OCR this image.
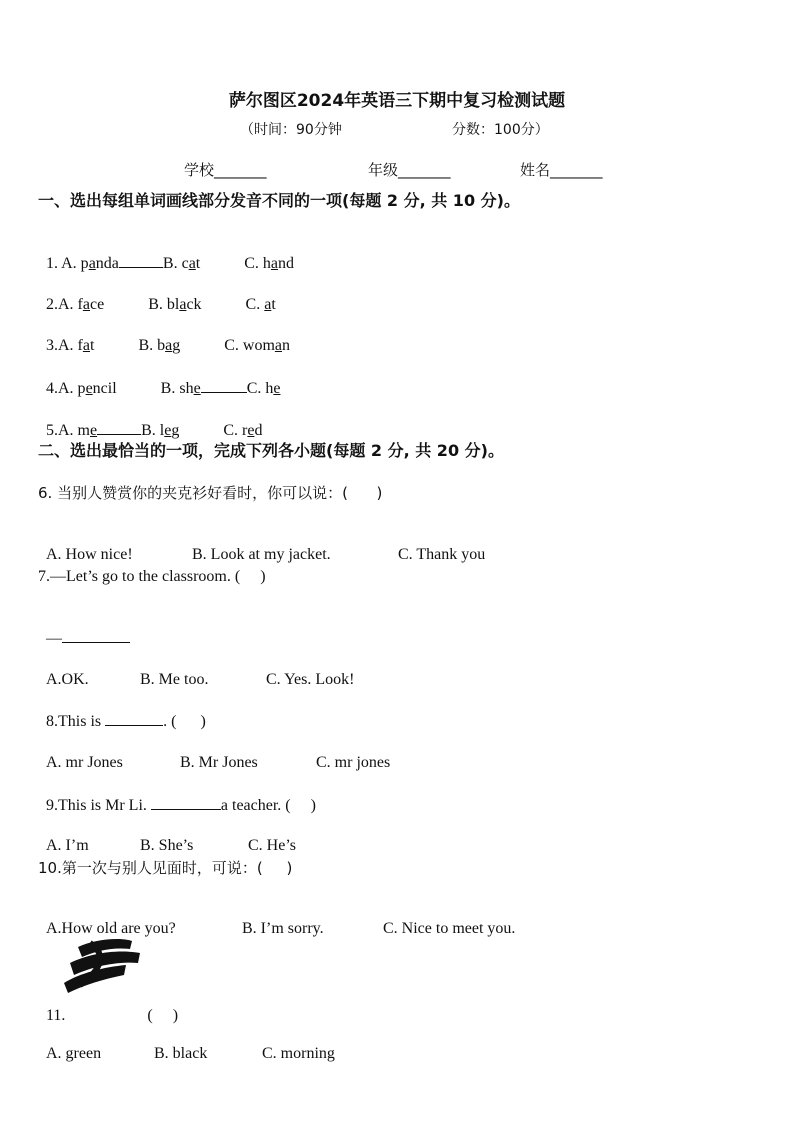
萨尔图区2024年英语三下期中复习检测试题
（时间：90分钟	分数：100分）
学校_______	年级_______	姓名_______
一、选出每组单词画线部分发音不同的一项(每题 2 分, 共 10 分)。

1. A. panda	B. cat	C. hand

2.A. face	B. black	C. at

3.A. fat	B. bag	C. woman

4.A. pencil	B. she	C. he

5.A. me	B. leg	C. red

二、选出最恰当的一项，完成下列各小题(每题 2 分, 共 20 分)。
6. 当别人赞赏你的夹克衫好看时，你可以说：(      )

A. How nice!	B. Look at my jacket.	C. Thank you

7.—Let’s go to the classroom. (     )

—

A.OK.	B. Me too.	C. Yes. Look!

8.This is	. (      )

A. mr Jones	B. Mr Jones	C. mr jones

9.This is Mr Li.	a teacher. (     )

A. I’m	B. She’s	C. He’s

10.第一次与别人见面时，可说：(     )

A.How old are you?	B. I’m sorry.	C. Nice to meet you.

11.	(     )

A. green	B. black	C. morning
